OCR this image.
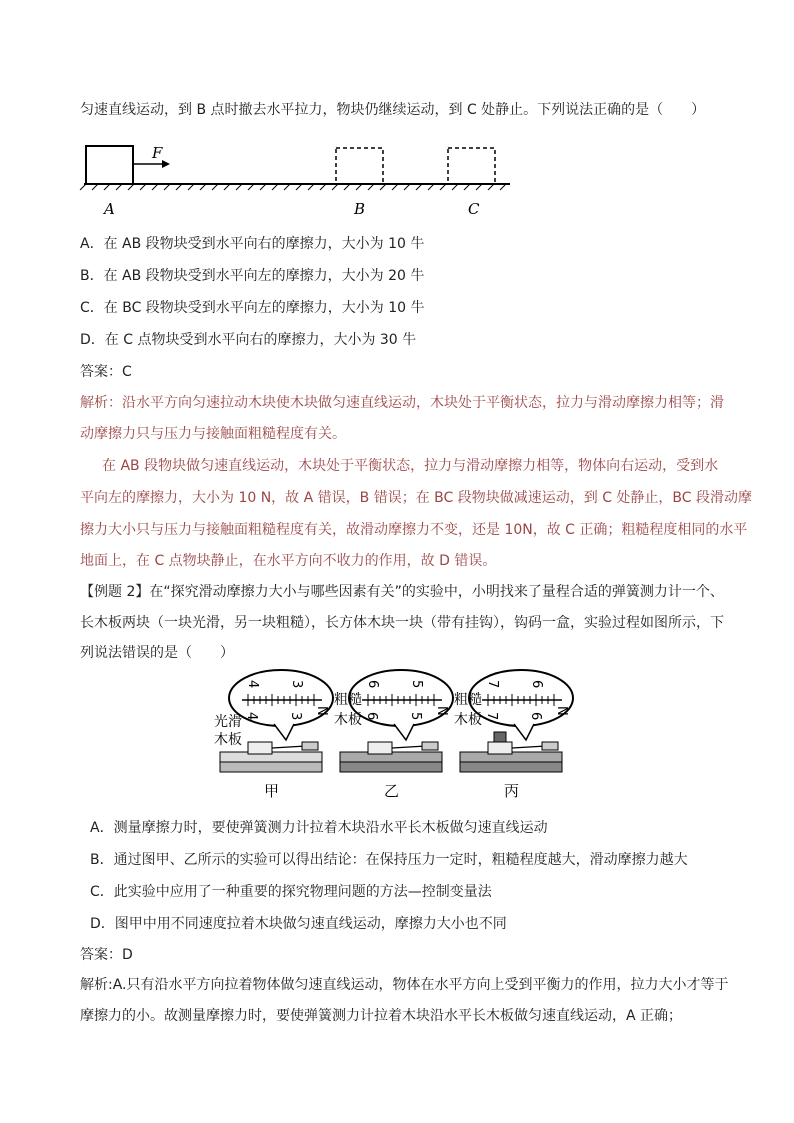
匀速直线运动，到 B 点时撤去水平拉力，物块仍继续运动，到 C 处静止。下列说法正确的是（　　）
F
A	B	C
A．在 AB 段物块受到水平向右的摩擦力，大小为 10 牛
B．在 AB 段物块受到水平向左的摩擦力，大小为 20 牛
C．在 BC 段物块受到水平向左的摩擦力，大小为 10 牛
D．在 C 点物块受到水平向右的摩擦力，大小为 30 牛
答案：C
解析：沿水平方向匀速拉动木块使木块做匀速直线运动，木块处于平衡状态，拉力与滑动摩擦力相等；滑
动摩擦力只与压力与接触面粗糙程度有关。
在 AB 段物块做匀速直线运动，木块处于平衡状态，拉力与滑动摩擦力相等，物体向右运动，受到水
平向左的摩擦力，大小为 10 N，故 A 错误，B 错误；在 BC 段物块做减速运动，到 C 处静止，BC 段滑动摩
擦力大小只与压力与接触面粗糙程度有关，故滑动摩擦力不变，还是 10N，故 C 正确；粗糙程度相同的水平
地面上，在 C 点物块静止，在水平方向不收力的作用，故 D 错误。
【例题 2】在“探究滑动摩擦力大小与哪些因素有关”的实验中，小明找来了量程合适的弹簧测力计一个、
长木板两块（一块光滑，另一块粗糙），长方体木块一块（带有挂钩），钩码一盒，实验过程如图所示，下
列说法错误的是（　　）
4 3
4 3
N
光滑
木板
甲
6 5
6 5
N
粗糙
木板
乙
7 6
7 6
N
粗糙
木板
丙
A．测量摩擦力时，要使弹簧测力计拉着木块沿水平长木板做匀速直线运动
B．通过图甲、乙所示的实验可以得出结论：在保持压力一定时，粗糙程度越大，滑动摩擦力越大
C．此实验中应用了一种重要的探究物理问题的方法—控制变量法
D．图甲中用不同速度拉着木块做匀速直线运动，摩擦力大小也不同
答案：D
解析:A.只有沿水平方向拉着物体做匀速直线运动，物体在水平方向上受到平衡力的作用，拉力大小才等于
摩擦力的小。故测量摩擦力时，要使弹簧测力计拉着木块沿水平长木板做匀速直线运动，A 正确；
